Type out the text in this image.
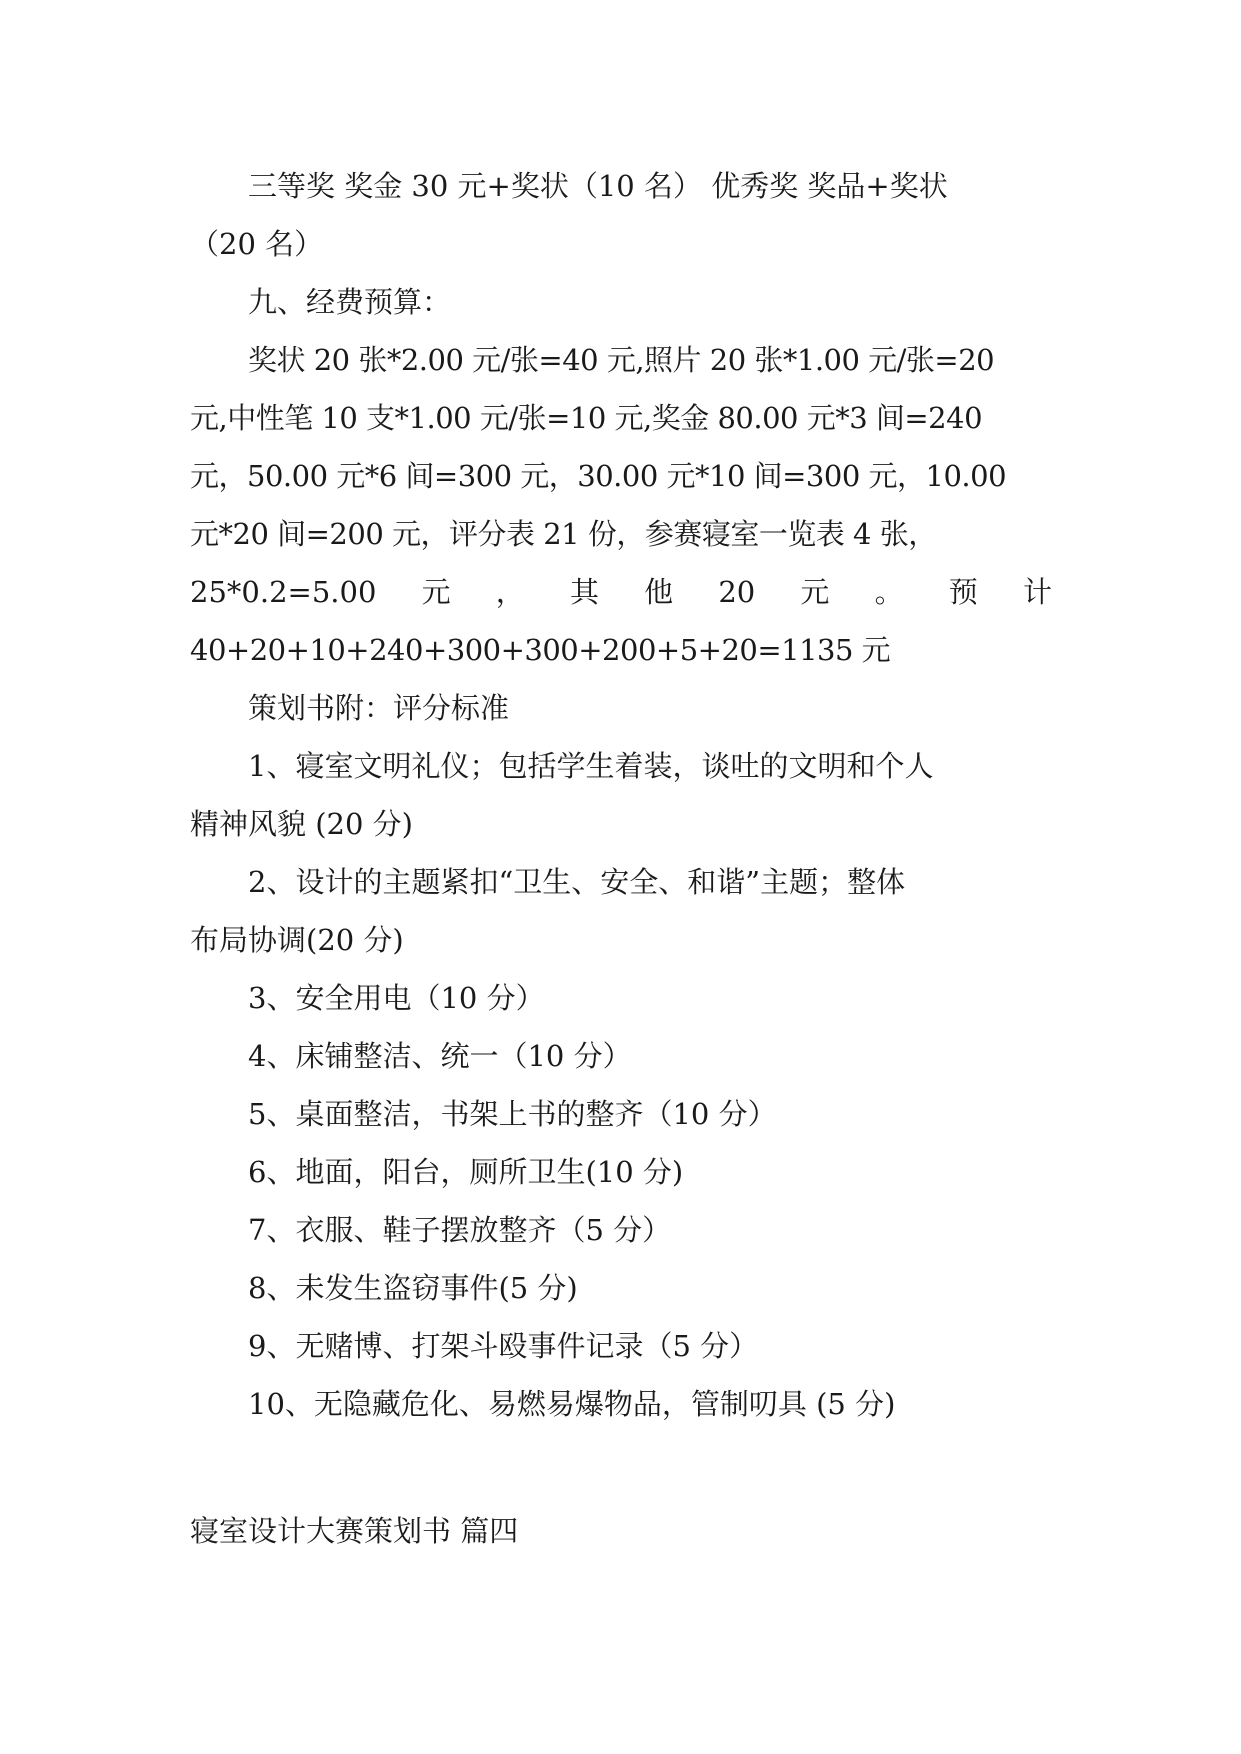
三等奖 奖金 30 元+奖状（10 名） 优秀奖 奖品+奖状
（20 名）
九、经费预算：
奖状 20 张*2.00 元/张=40 元,照片 20 张*1.00 元/张=20
元,中性笔 10 支*1.00 元/张=10 元,奖金 80.00 元*3 间=240
元，50.00 元*6 间=300 元，30.00 元*10 间=300 元，10.00
元*20 间=200 元，评分表 21 份，参赛寝室一览表 4 张，
25*0.2=5.00 元 ， 其 他 20 元 。 预 计
40+20+10+240+300+300+200+5+20=1135 元
策划书附：评分标准
1、寝室文明礼仪；包括学生着装，谈吐的文明和个人
精神风貌 (20 分)
2、设计的主题紧扣“卫生、安全、和谐”主题；整体
布局协调(20 分)
3、安全用电（10 分）
4、床铺整洁、统一（10 分）
5、桌面整洁，书架上书的整齐（10 分）
6、地面，阳台，厕所卫生(10 分)
7、衣服、鞋子摆放整齐（5 分）
8、未发生盗窃事件(5 分)
9、无赌博、打架斗殴事件记录（5 分）
10、无隐藏危化、易燃易爆物品，管制叨具 (5 分)
寝室设计大赛策划书 篇四
